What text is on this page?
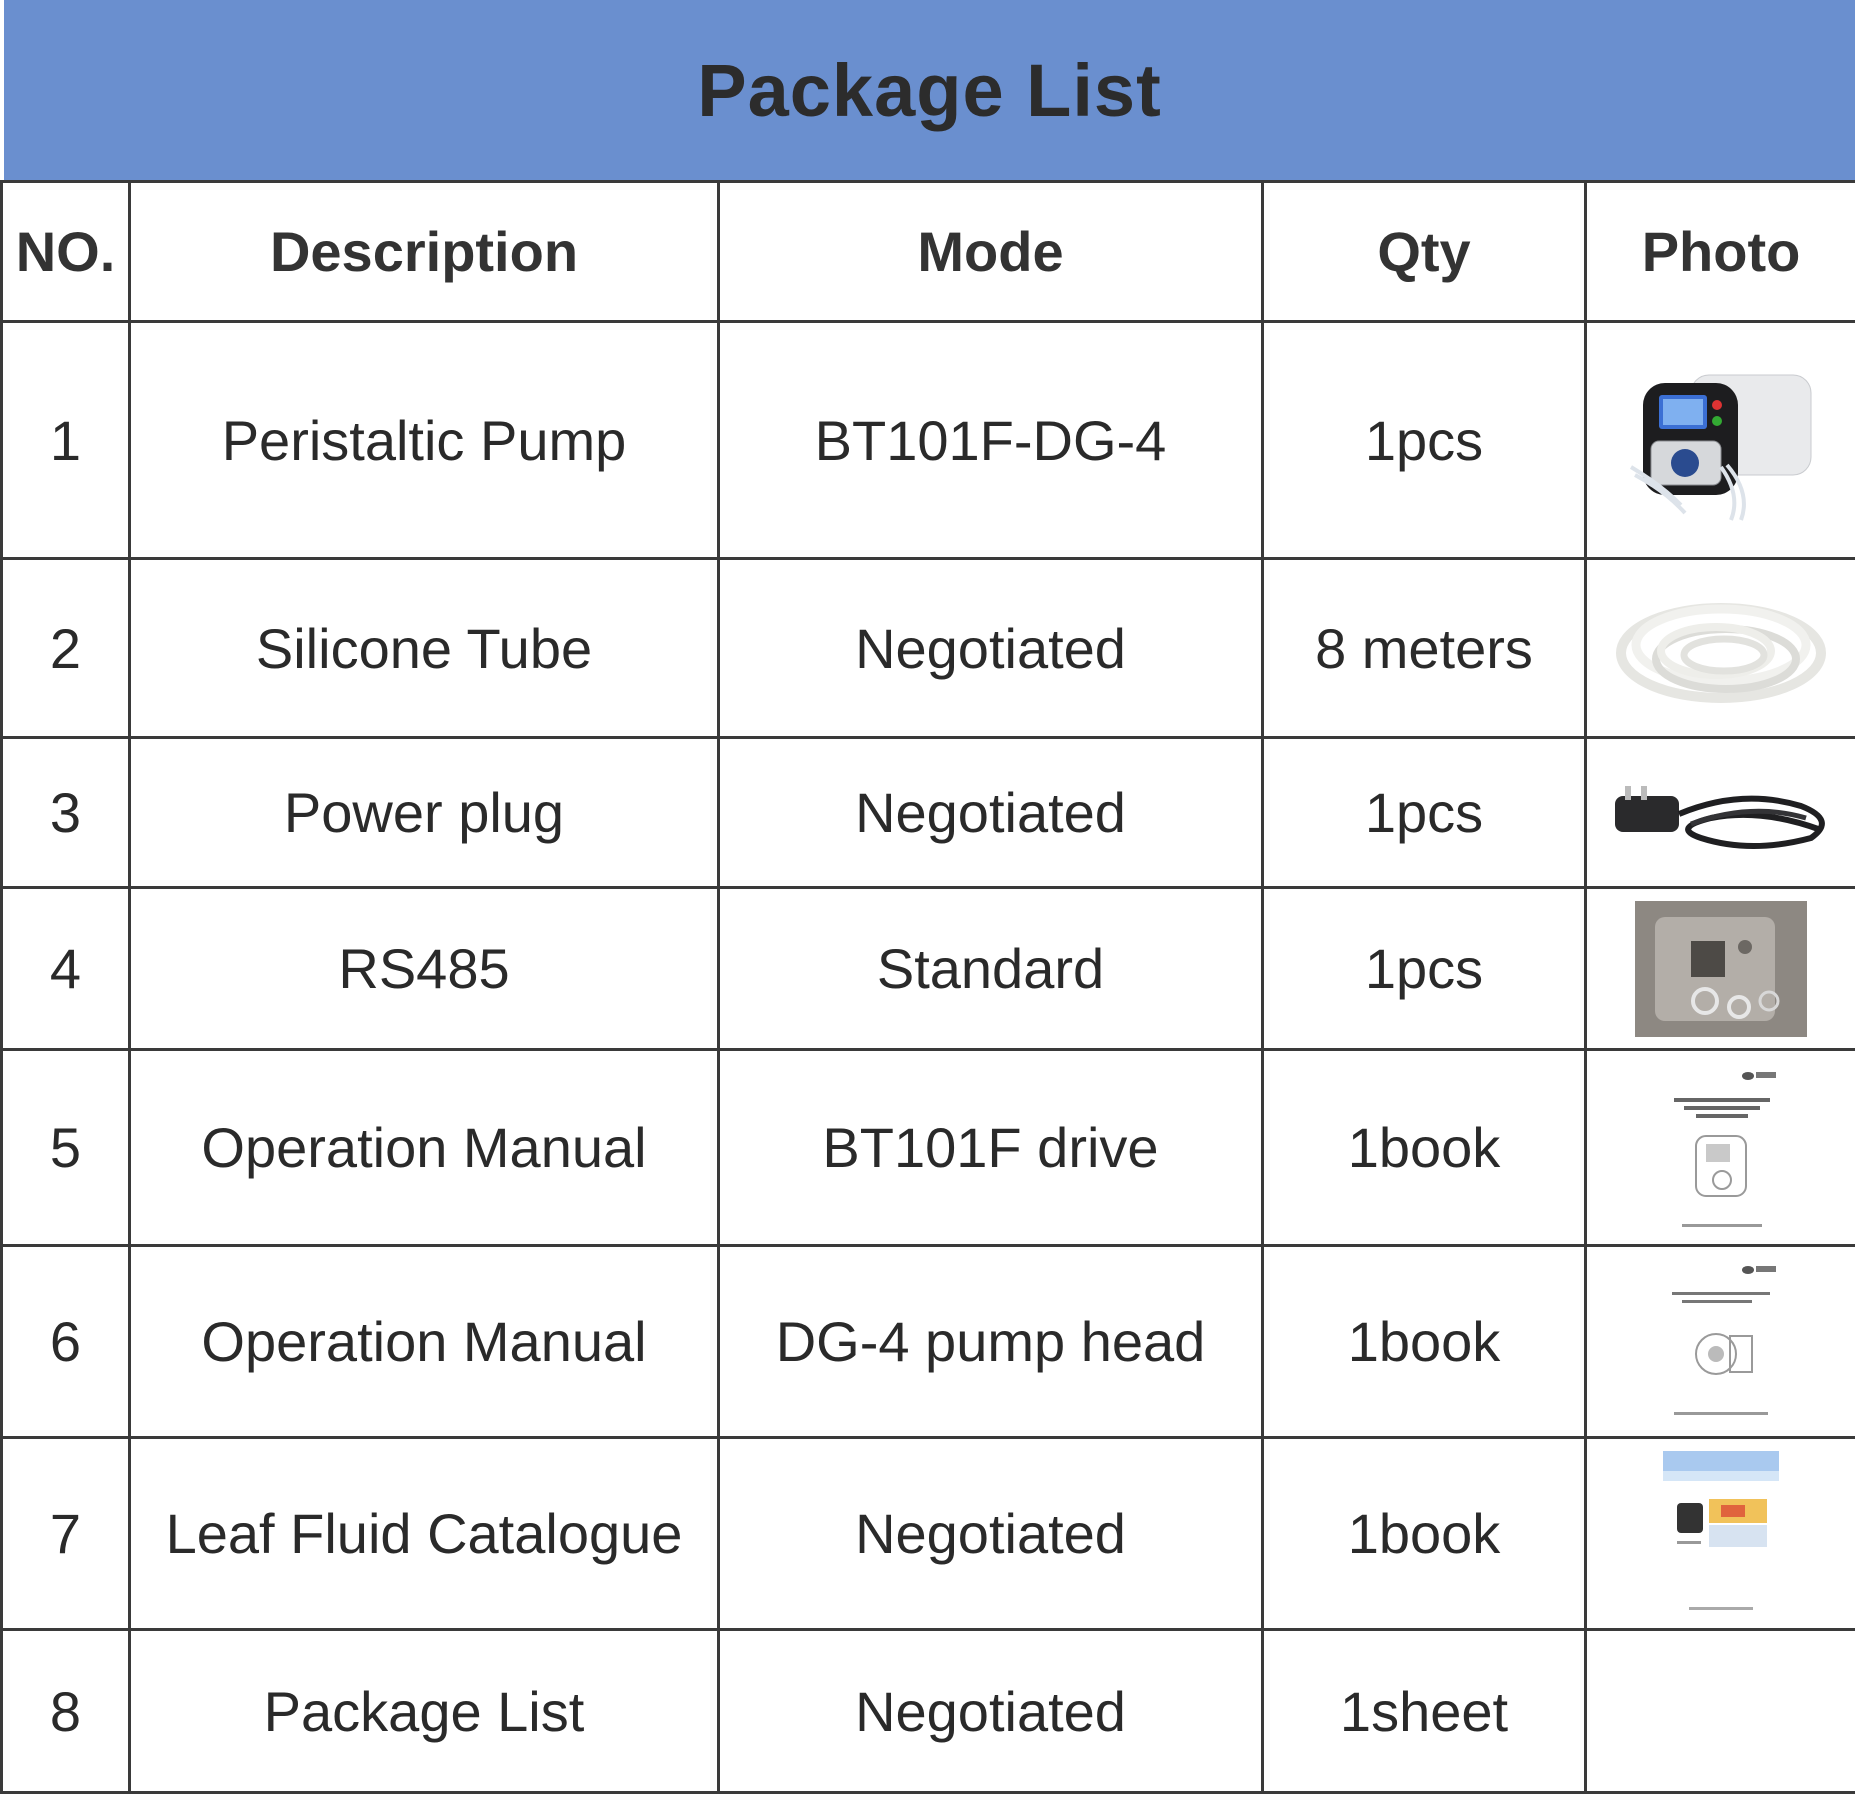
Package List
NO.	Description	Mode	Qty	Photo
1	Peristaltic Pump	BT101F-DG-4	1pcs	

2	Silicone Tube	Negotiated	8 meters	

3	Power plug	Negotiated	1pcs	

4	RS485	Standard	1pcs	

5	Operation Manual	BT101F drive	1book	

6	Operation Manual	DG-4 pump head	1book	

7	Leaf Fluid Catalogue	Negotiated	1book	

8	Package List	Negotiated	1sheet	
